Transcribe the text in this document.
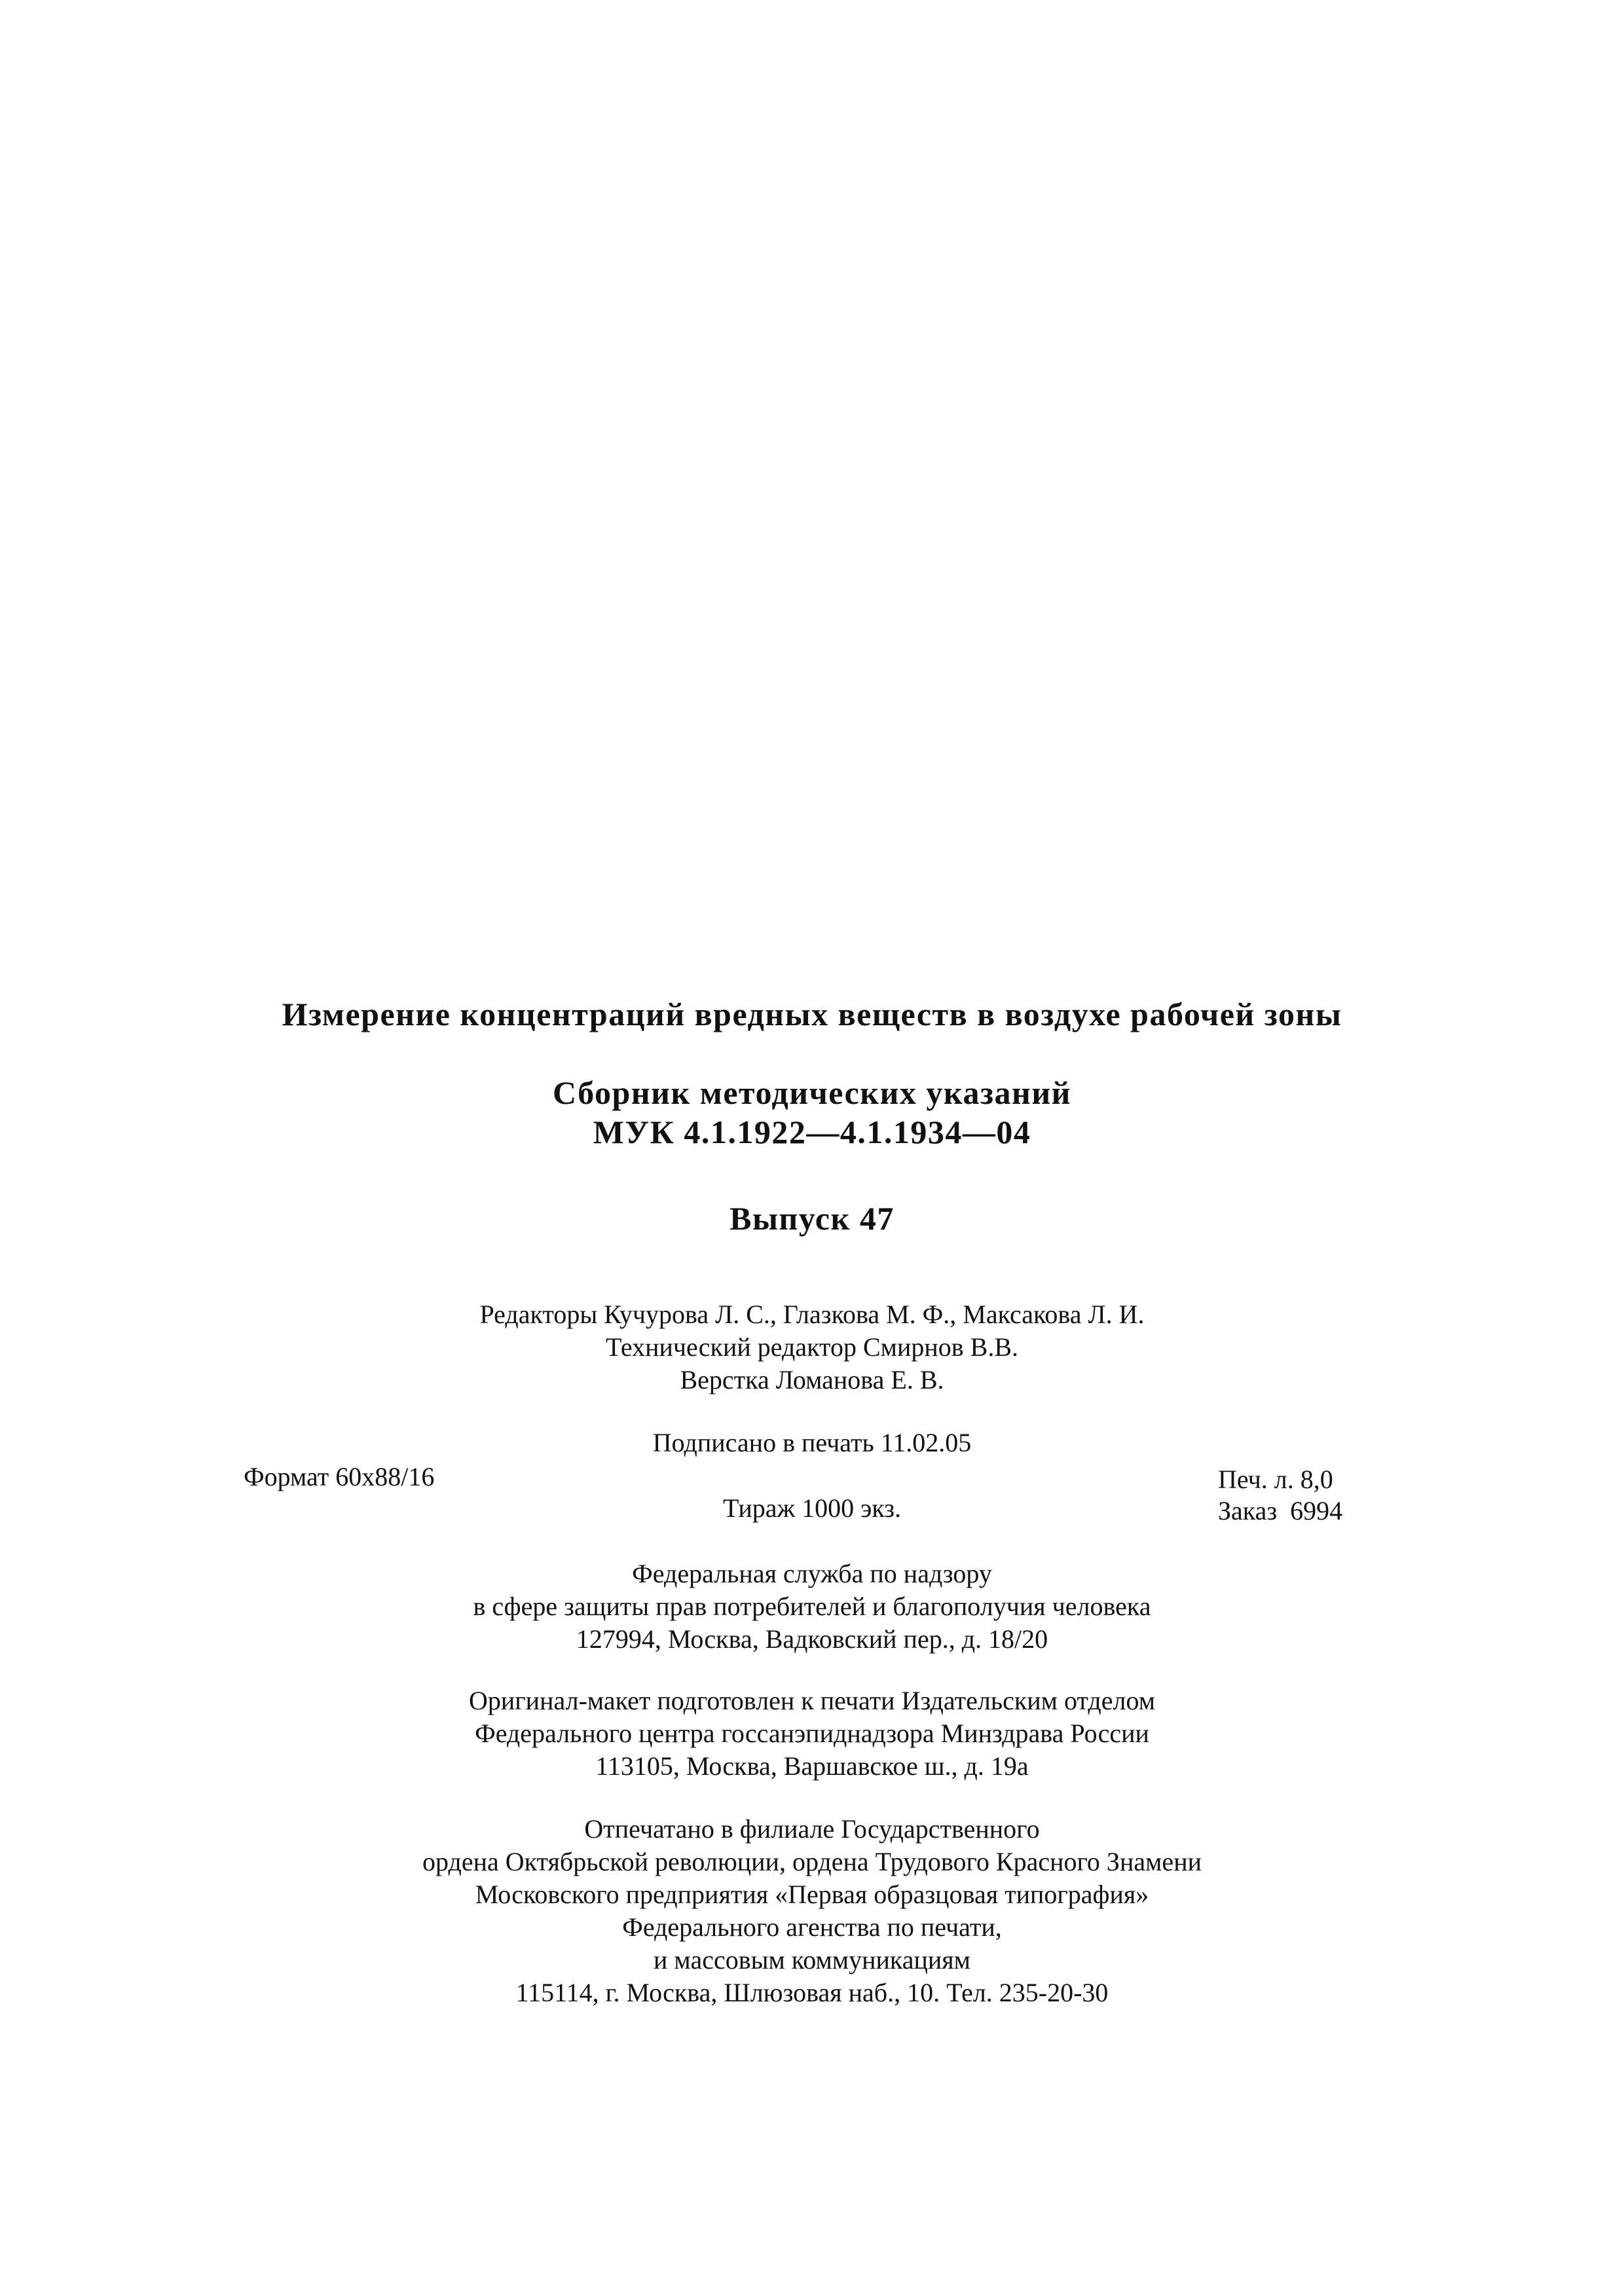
Измерение концентраций вредных веществ в воздухе рабочей зоны
Сборник методических указаний
МУК 4.1.1922—4.1.1934—04
Выпуск 47
Редакторы Кучурова Л. С., Глазкова М. Ф., Максакова Л. И.
Технический редактор Смирнов В.В.
Верстка Ломанова Е. В.
Подписано в печать 11.02.05
Формат 60х88/16	Печ. л. 8,0
Тираж 1000 экз.	Заказ  6994
Федеральная служба по надзору
в сфере защиты прав потребителей и благополучия человека
127994, Москва, Вадковский пер., д. 18/20
Оригинал-макет подготовлен к печати Издательским отделом
Федерального центра госсанэпиднадзора Минздрава России
113105, Москва, Варшавское ш., д. 19а
Отпечатано в филиале Государственного
ордена Октябрьской революции, ордена Трудового Красного Знамени
Московского предприятия «Первая образцовая типография»
Федерального агенства по печати,
и массовым коммуникациям
115114, г. Москва, Шлюзовая наб., 10. Тел. 235-20-30
